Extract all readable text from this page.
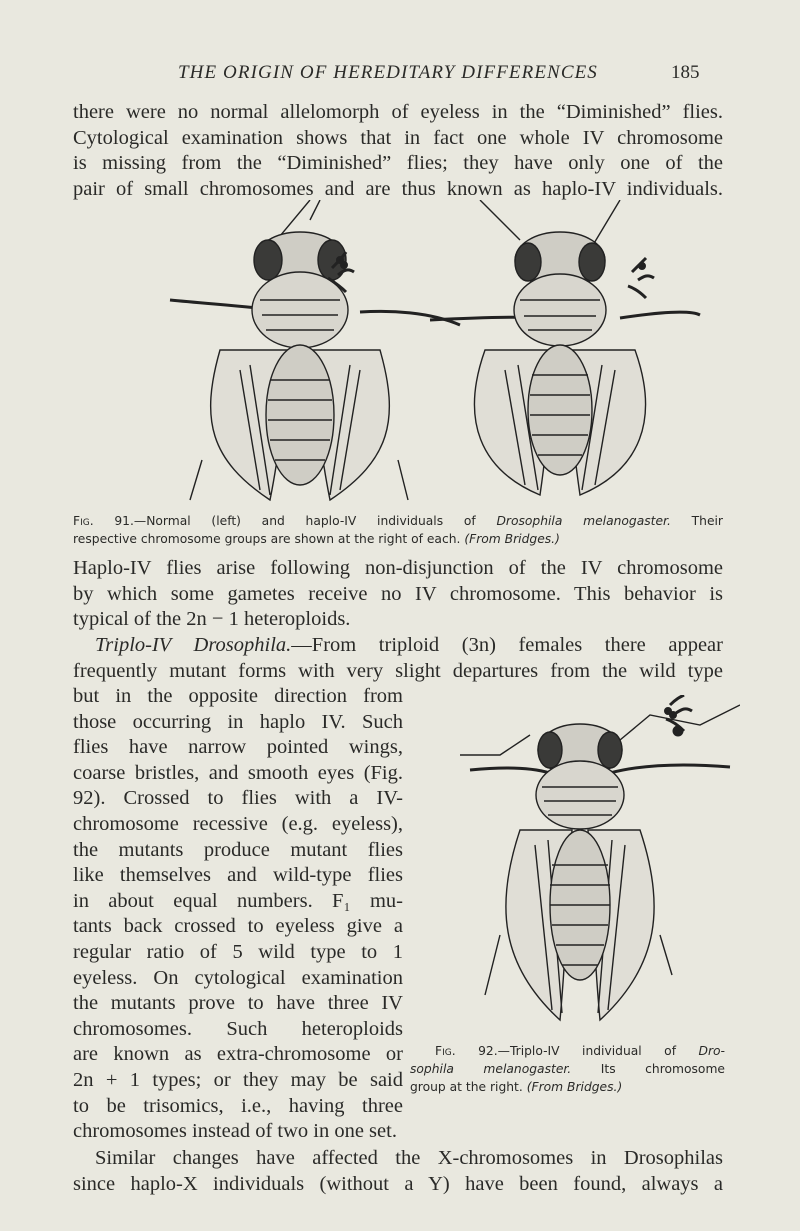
THE ORIGIN OF HEREDITARY DIFFERENCES	185
there were no normal allelomorph of eyeless in the “Diminished” flies.
Cytological examination shows that in fact one whole IV chromosome
is missing from the “Diminished” flies; they have only one of the
pair of small chromosomes and are thus known as haplo-IV individuals.
Fig. 91.—Normal (left) and haplo-IV individuals of Drosophila melanogaster. Their
respective chromosome groups are shown at the right of each. (From Bridges.)
Haplo-IV flies arise following non-disjunction of the IV chromosome
by which some gametes receive no IV chromosome. This behavior is
typical of the 2n − 1 heteroploids.
Triplo-IV Drosophila.—From triploid (3n) females there appear
frequently mutant forms with very slight departures from the wild type
but in the opposite direction from
those occurring in haplo IV. Such
flies have narrow pointed wings,
coarse bristles, and smooth eyes (Fig.
92). Crossed to flies with a IV-
chromosome recessive (e.g. eyeless),
the mutants produce mutant flies
like themselves and wild-type flies
in about equal numbers. F₁ mu-
tants back crossed to eyeless give a
regular ratio of 5 wild type to 1
eyeless. On cytological examination
the mutants prove to have three IV
chromosomes. Such heteroploids
are known as extra-chromosome or
2n + 1 types; or they may be said
to be trisomics, i.e., having three
chromosomes instead of two in one set.
Fig. 92.—Triplo-IV individual of Dro-
sophila melanogaster. Its chromosome
group at the right. (From Bridges.)
Similar changes have affected the X-chromosomes in Drosophilas
since haplo-X individuals (without a Y) have been found, always a
